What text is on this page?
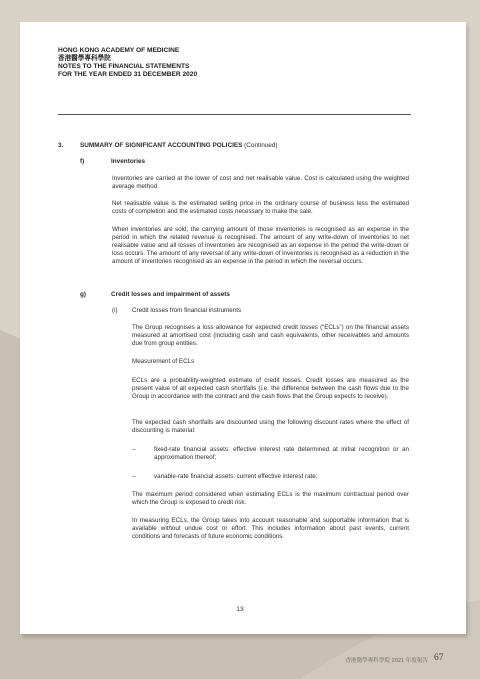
HONG KONG ACADEMY OF MEDICINE
香港醫學專科學院
NOTES TO THE FINANCIAL STATEMENTS
FOR THE YEAR ENDED 31 DECEMBER 2020
3.	SUMMARY OF SIGNIFICANT ACCOUNTING POLICIES (Continued)
f)	Inventories
Inventories are carried at the lower of cost and net realisable value. Cost is calculated using the weighted average method.
Net realisable value is the estimated selling price in the ordinary course of business less the estimated costs of completion and the estimated costs necessary to make the sale.
When inventories are sold, the carrying amount of those inventories is recognised as an expense in the period in which the related revenue is recognised. The amount of any write-down of inventories to net realisable value and all losses of inventories are recognised as an expense in the period the write-down or loss occurs. The amount of any reversal of any write-down of inventories is recognised as a reduction in the amount of inventories recognised as an expense in the period in which the reversal occurs.
g)	Credit losses and impairment of assets
(i) Credit losses from financial instruments
The Group recognises a loss allowance for expected credit losses (“ECLs”) on the financial assets measured at amortised cost (including cash and cash equivalents, other receivables and amounts due from group entities.
Measurement of ECLs
ECLs are a probability-weighted estimate of credit losses. Credit losses are measured as the present value of all expected cash shortfalls (i.e. the difference between the cash flows due to the Group in accordance with the contract and the cash flows that the Group expects to receive).
The expected cash shortfalls are discounted using the following discount rates where the effect of discounting is material:
–	fixed-rate financial assets: effective interest rate determined at initial recognition or an approximation thereof;
–	variable-rate financial assets: current effective interest rate;
The maximum period considered when estimating ECLs is the maximum contractual period over which the Group is exposed to credit risk.
In measuring ECLs, the Group takes into account reasonable and supportable information that is available without undue cost or effort. This includes information about past events, current conditions and forecasts of future economic conditions.
13
香港醫學專科學院 2021 年度報告 67
